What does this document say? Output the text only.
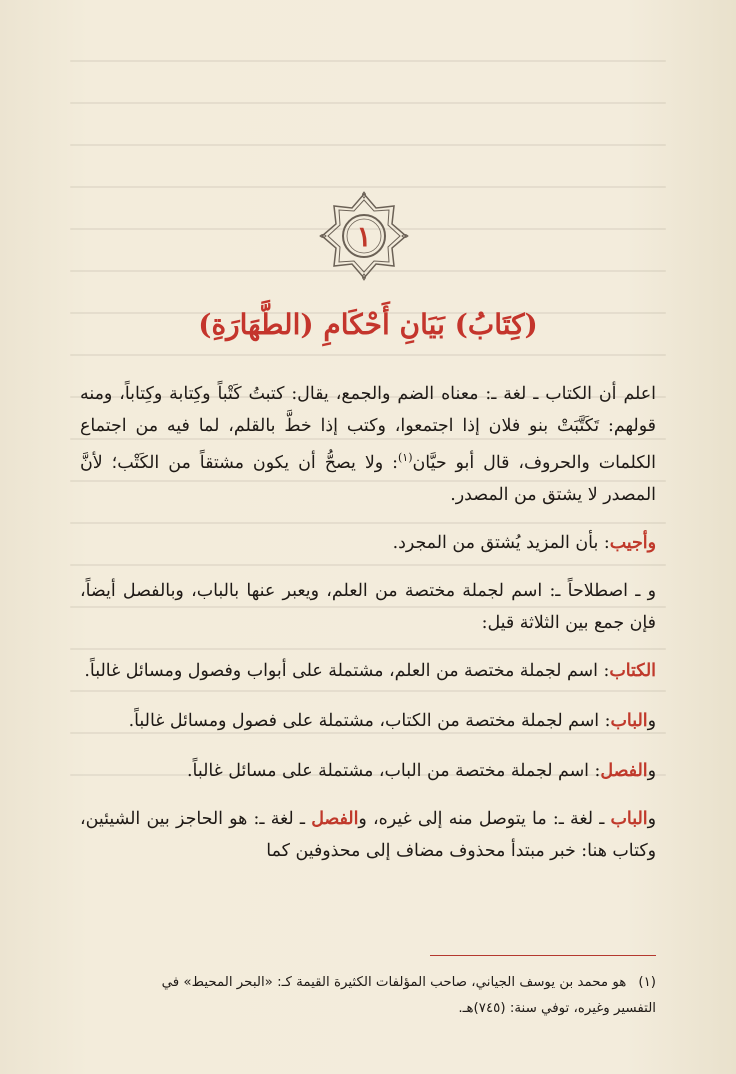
١
(كِتَابُ) بَيَانِ أَحْكَامِ (الطَّهَارَةِ)

اعلم أن الكتاب ـ لغة ـ: معناه الضم والجمع، يقال: كتبتُ كَتْباً وكِتابة وكِتاباً، ومنه قولهم: تَكَتَّبَتْ بنو فلان إذا اجتمعوا، وكتب إذا خطَّ بالقلم، لما فيه من اجتماع الكلمات والحروف، قال أبو حيَّان$^{(١)}$: ولا يصحُّ أن يكون مشتقاً من الكَتْب؛ لأنَّ المصدر لا يشتق من المصدر.

وأجيب: بأن المزيد يُشتق من المجرد.

و ـ اصطلاحاً ـ: اسم لجملة مختصة من العلم، ويعبر عنها بالباب، وبالفصل أيضاً، فإن جمع بين الثلاثة قيل:

الكتاب: اسم لجملة مختصة من العلم، مشتملة على أبواب وفصول ومسائل غالباً.

والباب: اسم لجملة مختصة من الكتاب، مشتملة على فصول ومسائل غالباً.

والفصل: اسم لجملة مختصة من الباب، مشتملة على مسائل غالباً.

والباب ـ لغة ـ: ما يتوصل منه إلى غيره، والفصل ـ لغة ـ: هو الحاجز بين الشيئين، وكتاب هنا: خبر مبتدأ محذوف مضاف إلى محذوفين كما

(١)هو محمد بن يوسف الجياني، صاحب المؤلفات الكثيرة القيمة كـ: «البحر المحيط» في

التفسير وغيره، توفي سنة: (٧٤٥)هـ.
